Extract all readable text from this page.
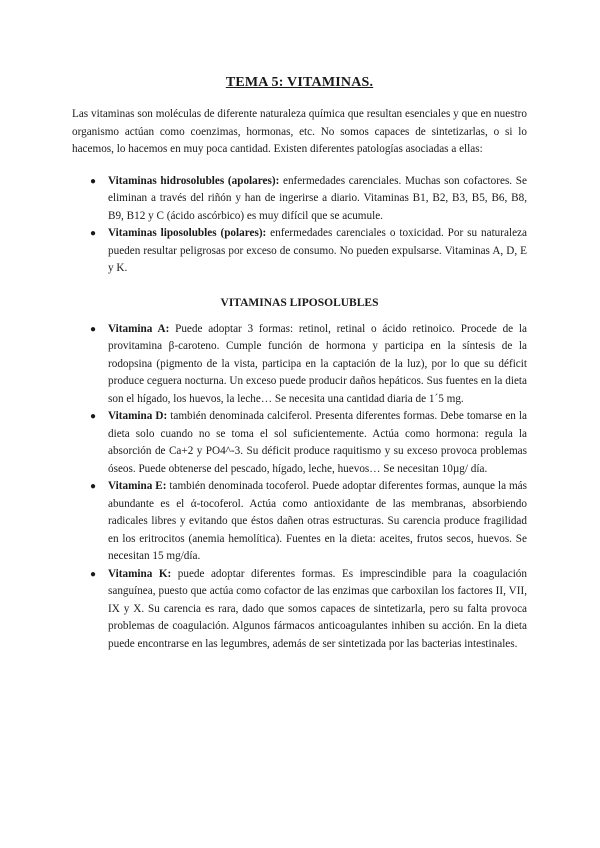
TEMA 5: VITAMINAS.

Las vitaminas son moléculas de diferente naturaleza química que resultan esenciales y que en nuestro organismo actúan como coenzimas, hormonas, etc. No somos capaces de sintetizarlas, o si lo hacemos, lo hacemos en muy poca cantidad. Existen diferentes patologías asociadas a ellas:

● Vitaminas hidrosolubles (apolares): enfermedades carenciales. Muchas son cofactores. Se eliminan a través del riñón y han de ingerirse a diario. Vitaminas B1, B2, B3, B5, B6, B8, B9, B12 y C (ácido ascórbico) es muy difícil que se acumule.
● Vitaminas liposolubles (polares): enfermedades carenciales o toxicidad. Por su naturaleza pueden resultar peligrosas por exceso de consumo. No pueden expulsarse. Vitaminas A, D, E y K.
VITAMINAS LIPOSOLUBLES
● Vitamina A: Puede adoptar 3 formas: retinol, retinal o ácido retinoico. Procede de la provitamina β-caroteno. Cumple función de hormona y participa en la síntesis de la rodopsina (pigmento de la vista, participa en la captación de la luz), por lo que su déficit produce ceguera nocturna. Un exceso puede producir daños hepáticos. Sus fuentes en la dieta son el hígado, los huevos, la leche… Se necesita una cantidad diaria de 1´5 mg.
● Vitamina D: también denominada calciferol. Presenta diferentes formas. Debe tomarse en la dieta solo cuando no se toma el sol suficientemente. Actúa como hormona: regula la absorción de Ca+2 y PO4^-3. Su déficit produce raquitismo y su exceso provoca problemas óseos. Puede obtenerse del pescado, hígado, leche, huevos… Se necesitan 10µg/ día.
● Vitamina E: también denominada tocoferol. Puede adoptar diferentes formas, aunque la más abundante es el ά-tocoferol. Actúa como antioxidante de las membranas, absorbiendo radicales libres y evitando que éstos dañen otras estructuras. Su carencia produce fragilidad en los eritrocitos (anemia hemolítica). Fuentes en la dieta: aceites, frutos secos, huevos. Se necesitan 15 mg/día.
● Vitamina K: puede adoptar diferentes formas. Es imprescindible para la coagulación sanguínea, puesto que actúa como cofactor de las enzimas que carboxilan los factores II, VII, IX y X. Su carencia es rara, dado que somos capaces de sintetizarla, pero su falta provoca problemas de coagulación. Algunos fármacos anticoagulantes inhiben su acción. En la dieta puede encontrarse en las legumbres, además de ser sintetizada por las bacterias intestinales.
